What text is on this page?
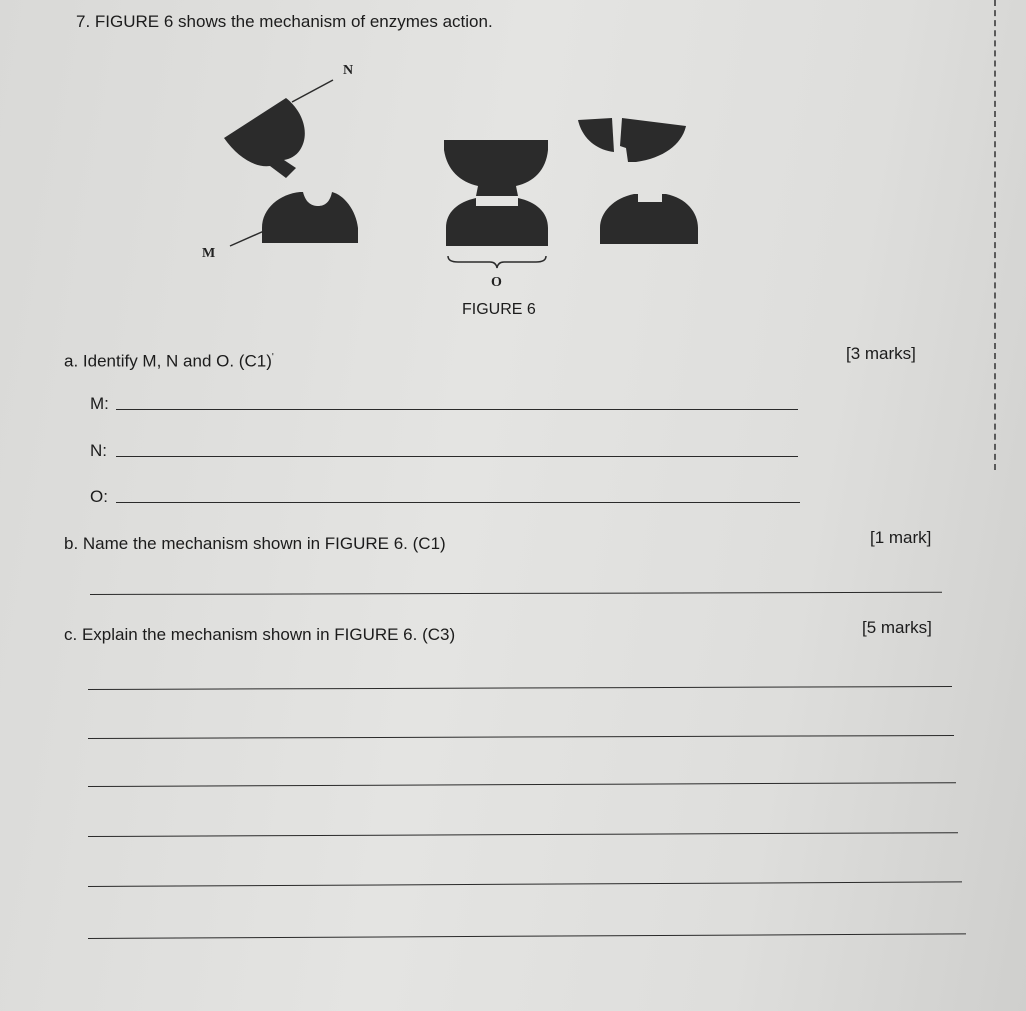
7. FIGURE 6 shows the mechanism of enzymes action.
N
M
O
FIGURE 6
a. Identify M, N and O. (C1)'	[3 marks]
M:
N:
O:
b. Name the mechanism shown in FIGURE 6. (C1)	[1 mark]
c. Explain the mechanism shown in FIGURE 6. (C3)	[5 marks]
